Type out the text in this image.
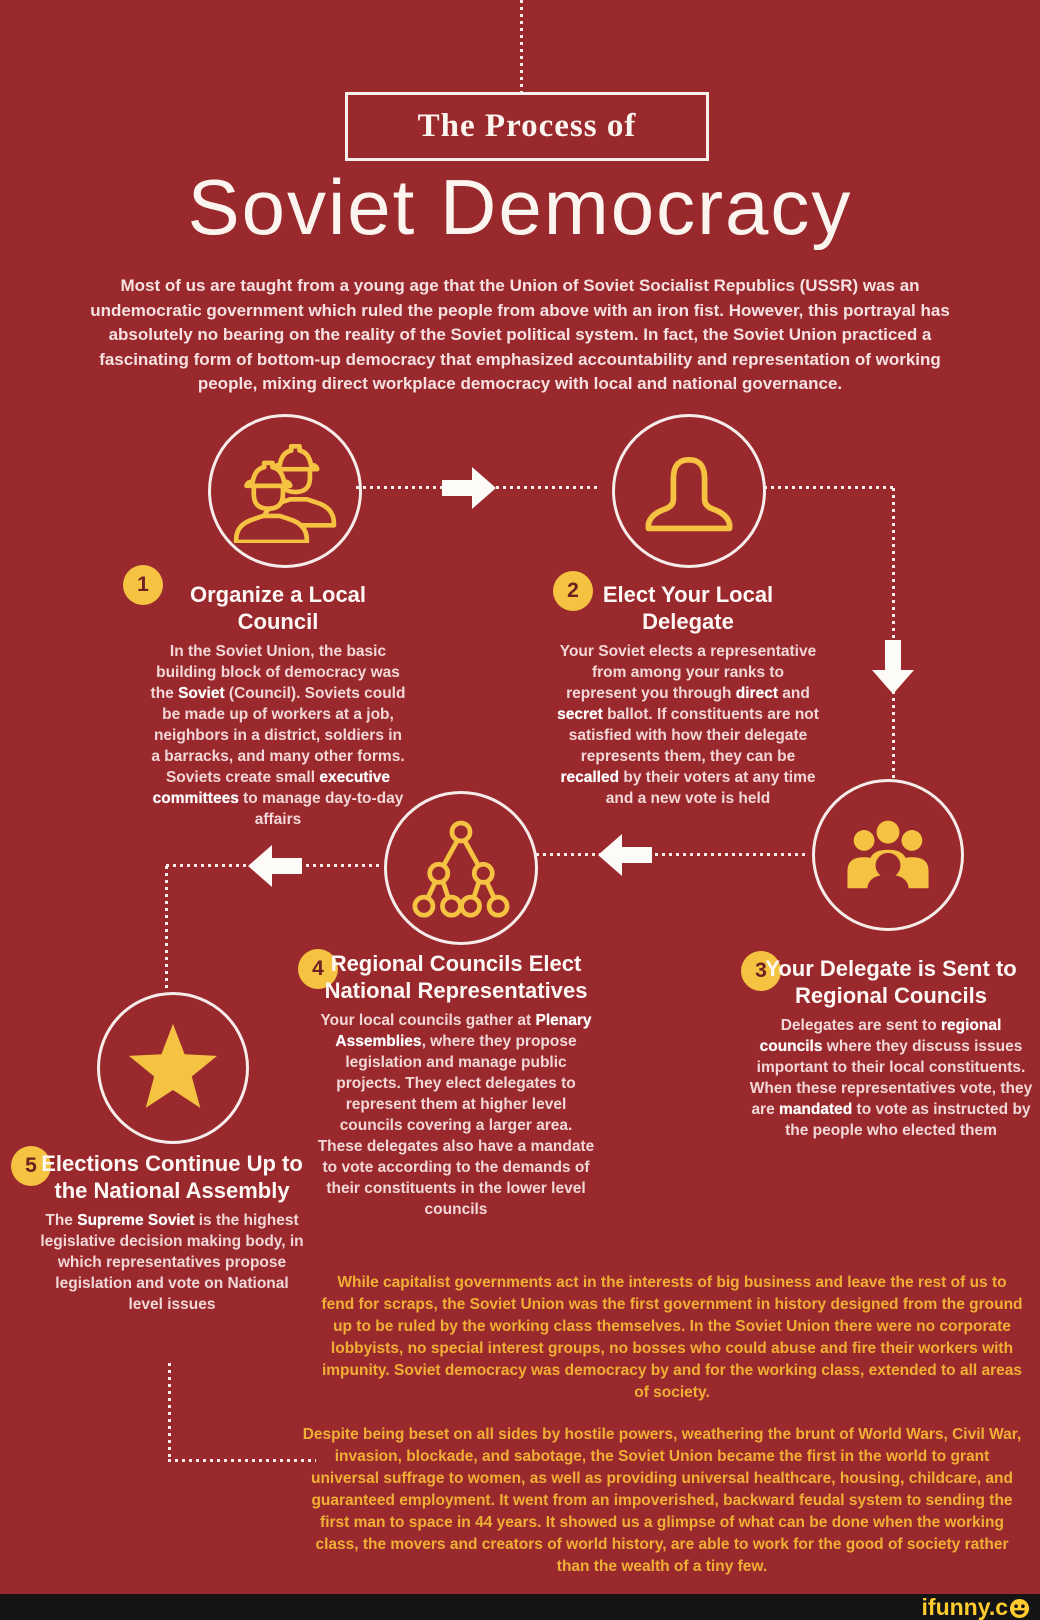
The Process of
Soviet Democracy
Most of us are taught from a young age that the Union of Soviet Socialist Republics (USSR) was an undemocratic government which ruled the people from above with an iron fist. However, this portrayal has absolutely no bearing on the reality of the Soviet political system. In fact, the Soviet Union practiced a fascinating form of bottom-up democracy that emphasized accountability and representation of working people, mixing direct workplace democracy with local and national governance.
1	2
3
4
5
Organize a Local Council
In the Soviet Union, the basic building block of democracy was the Soviet (Council). Soviets could be made up of workers at a job, neighbors in a district, soldiers in a barracks, and many other forms. Soviets create small executive committees to manage day-to-day affairs
Elect Your Local Delegate
Your Soviet elects a representative from among your ranks to represent you through direct and secret ballot. If constituents are not satisfied with how their delegate represents them, they can be recalled by their voters at any time and a new vote is held
Your Delegate is Sent to Regional Councils
Delegates are sent to regional councils where they discuss issues important to their local constituents. When these representatives vote, they are mandated to vote as instructed by the people who elected them
Regional Councils Elect National Representatives
Your local councils gather at Plenary Assemblies, where they propose legislation and manage public projects. They elect delegates to represent them at higher level councils covering a larger area. These delegates also have a mandate to vote according to the demands of their constituents in the lower level councils
Elections Continue Up to the National Assembly
The Supreme Soviet is the highest legislative decision making body, in which representatives propose legislation and vote on National level issues
While capitalist governments act in the interests of big business and leave the rest of us to fend for scraps, the Soviet Union was the first government in history designed from the ground up to be ruled by the working class themselves. In the Soviet Union there were no corporate lobbyists, no special interest groups, no bosses who could abuse and fire their workers with impunity. Soviet democracy was democracy by and for the working class, extended to all areas of society.
Despite being beset on all sides by hostile powers, weathering the brunt of World Wars, Civil War, invasion, blockade, and sabotage, the Soviet Union became the first in the world to grant universal suffrage to women, as well as providing universal healthcare, housing, childcare, and guaranteed employment. It went from an impoverished, backward feudal system to sending the first man to space in 44 years. It showed us a glimpse of what can be done when the working class, the movers and creators of world history, are able to work for the good of society rather than the wealth of a tiny few.
ifunny.c
